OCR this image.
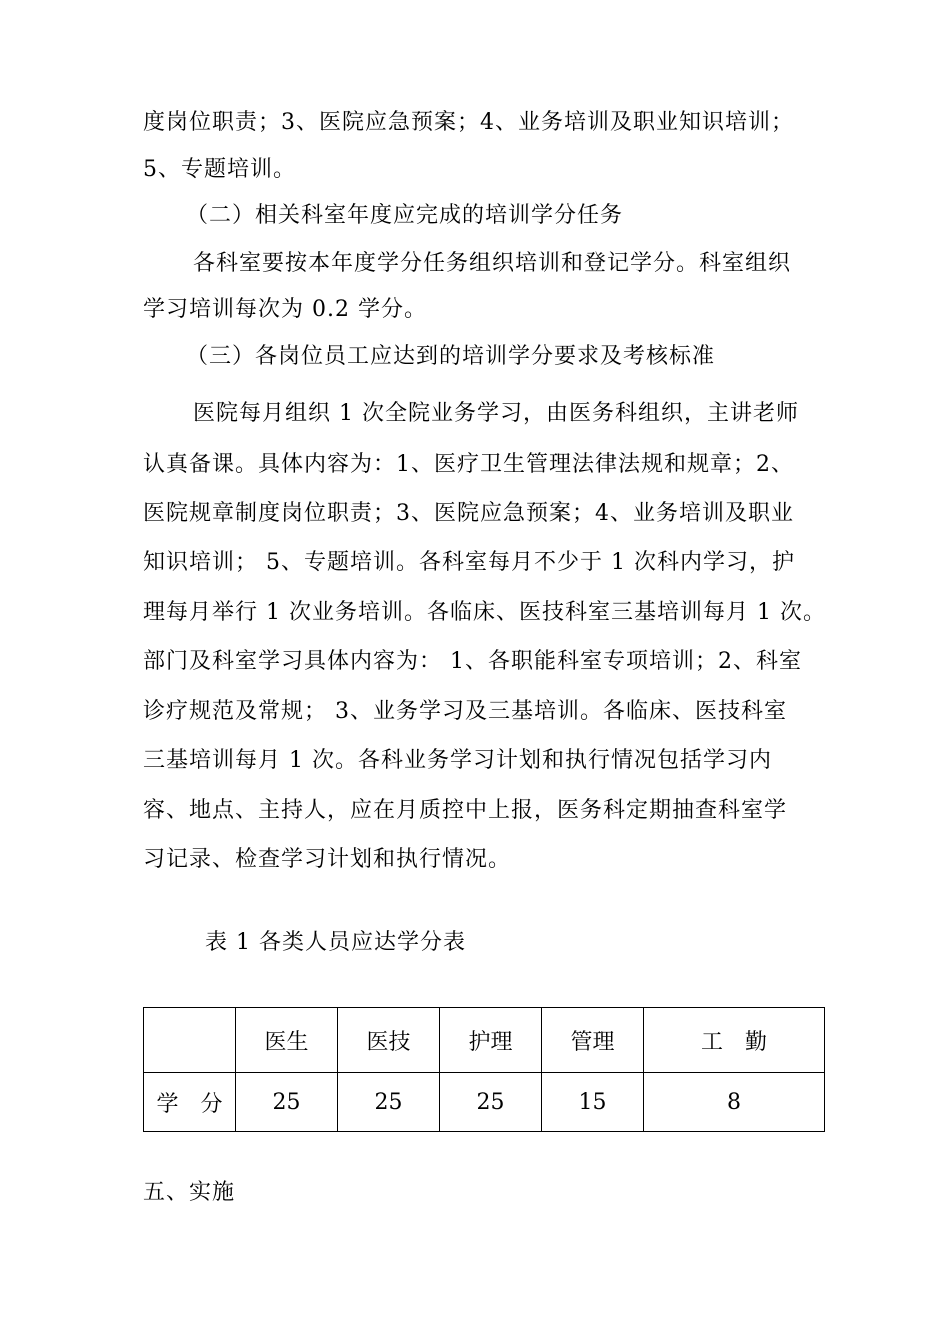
度岗位职责；3、医院应急预案；4、业务培训及职业知识培训；
5、专题培训。
（二）相关科室年度应完成的培训学分任务
各科室要按本年度学分任务组织培训和登记学分。科室组织
学习培训每次为 0.2 学分。
（三）各岗位员工应达到的培训学分要求及考核标准
医院每月组织 1 次全院业务学习，由医务科组织，主讲老师
认真备课。具体内容为：1、医疗卫生管理法律法规和规章；2、
医院规章制度岗位职责；3、医院应急预案；4、业务培训及职业
知识培训； 5、专题培训。各科室每月不少于 1 次科内学习，护
理每月举行 1 次业务培训。各临床、医技科室三基培训每月 1 次。
部门及科室学习具体内容为： 1、各职能科室专项培训；2、科室
诊疗规范及常规； 3、业务学习及三基培训。各临床、医技科室
三基培训每月 1 次。各科业务学习计划和执行情况包括学习内
容、地点、主持人，应在月质控中上报，医务科定期抽查科室学
习记录、检查学习计划和执行情况。
表 1 各类人员应达学分表
	医生	医技	护理	管理	工　勤
学　分	25	25	25	15	8
五、实施
